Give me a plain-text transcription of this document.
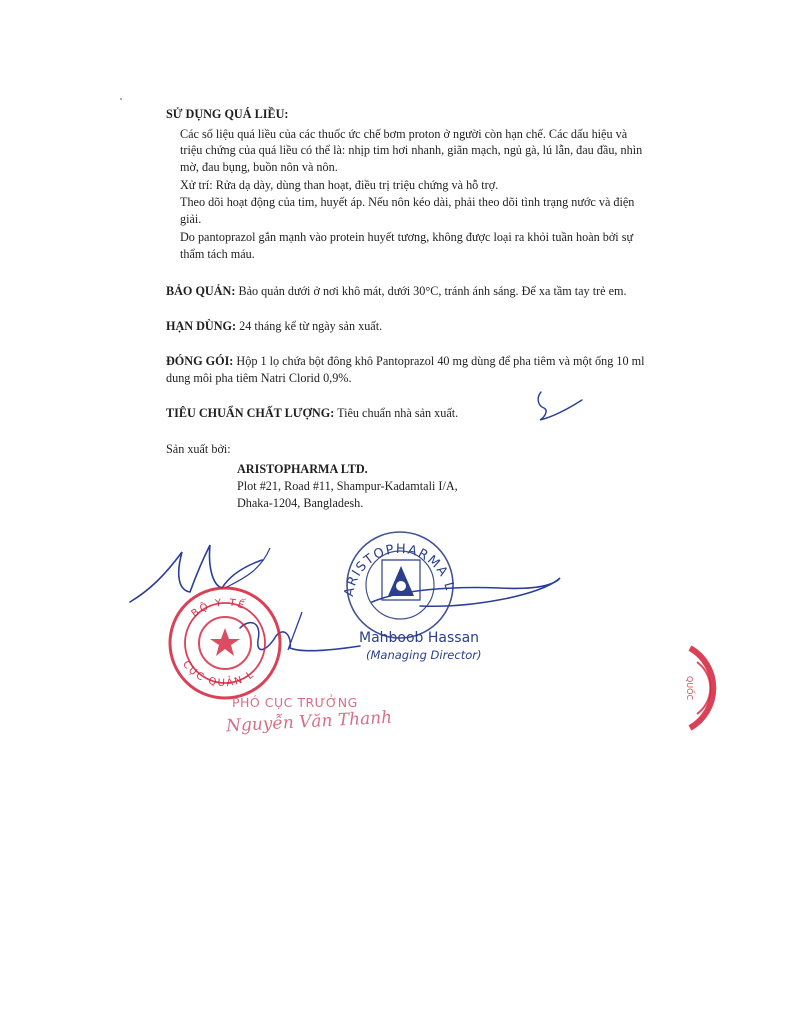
SỬ DỤNG QUÁ LIỀU:
Các số liệu quá liều của các thuốc ức chế bơm proton ở người còn hạn chế. Các dấu hiệu và
triệu chứng của quá liều có thể là: nhịp tim hơi nhanh, giãn mạch, ngủ gà, lú lẫn, đau đầu, nhìn
mờ, đau bụng, buồn nôn và nôn.
Xử trí: Rửa dạ dày, dùng than hoạt, điều trị triệu chứng và hỗ trợ.
Theo dõi hoạt động của tim, huyết áp. Nếu nôn kéo dài, phải theo dõi tình trạng nước và điện
giải.
Do pantoprazol gắn mạnh vào protein huyết tương, không được loại ra khỏi tuần hoàn bởi sự
thẩm tách máu.
BẢO QUẢN: Bảo quản dưới ở nơi khô mát, dưới 30°C, tránh ánh sáng. Để xa tầm tay trẻ em.
HẠN DÙNG: 24 tháng kể từ ngày sản xuất.
ĐÓNG GÓI: Hộp 1 lọ chứa bột đông khô Pantoprazol 40 mg dùng để pha tiêm và một ống 10 ml
dung môi pha tiêm Natri Clorid 0,9%.
TIÊU CHUẨN CHẤT LƯỢNG: Tiêu chuẩn nhà sản xuất.
Sản xuất bởi:
ARISTOPHARMA LTD.
Plot #21, Road #11, Shampur-Kadamtali I/A,
Dhaka-1204, Bangladesh.
ARISTOPHARMA L
BỘ Y TẾ
CỤC QUẢN L
Mahboob Hassan
(Managing Director)
PHÓ CỤC TRƯỞNG
Nguyễn Văn Thanh
QUỐC
